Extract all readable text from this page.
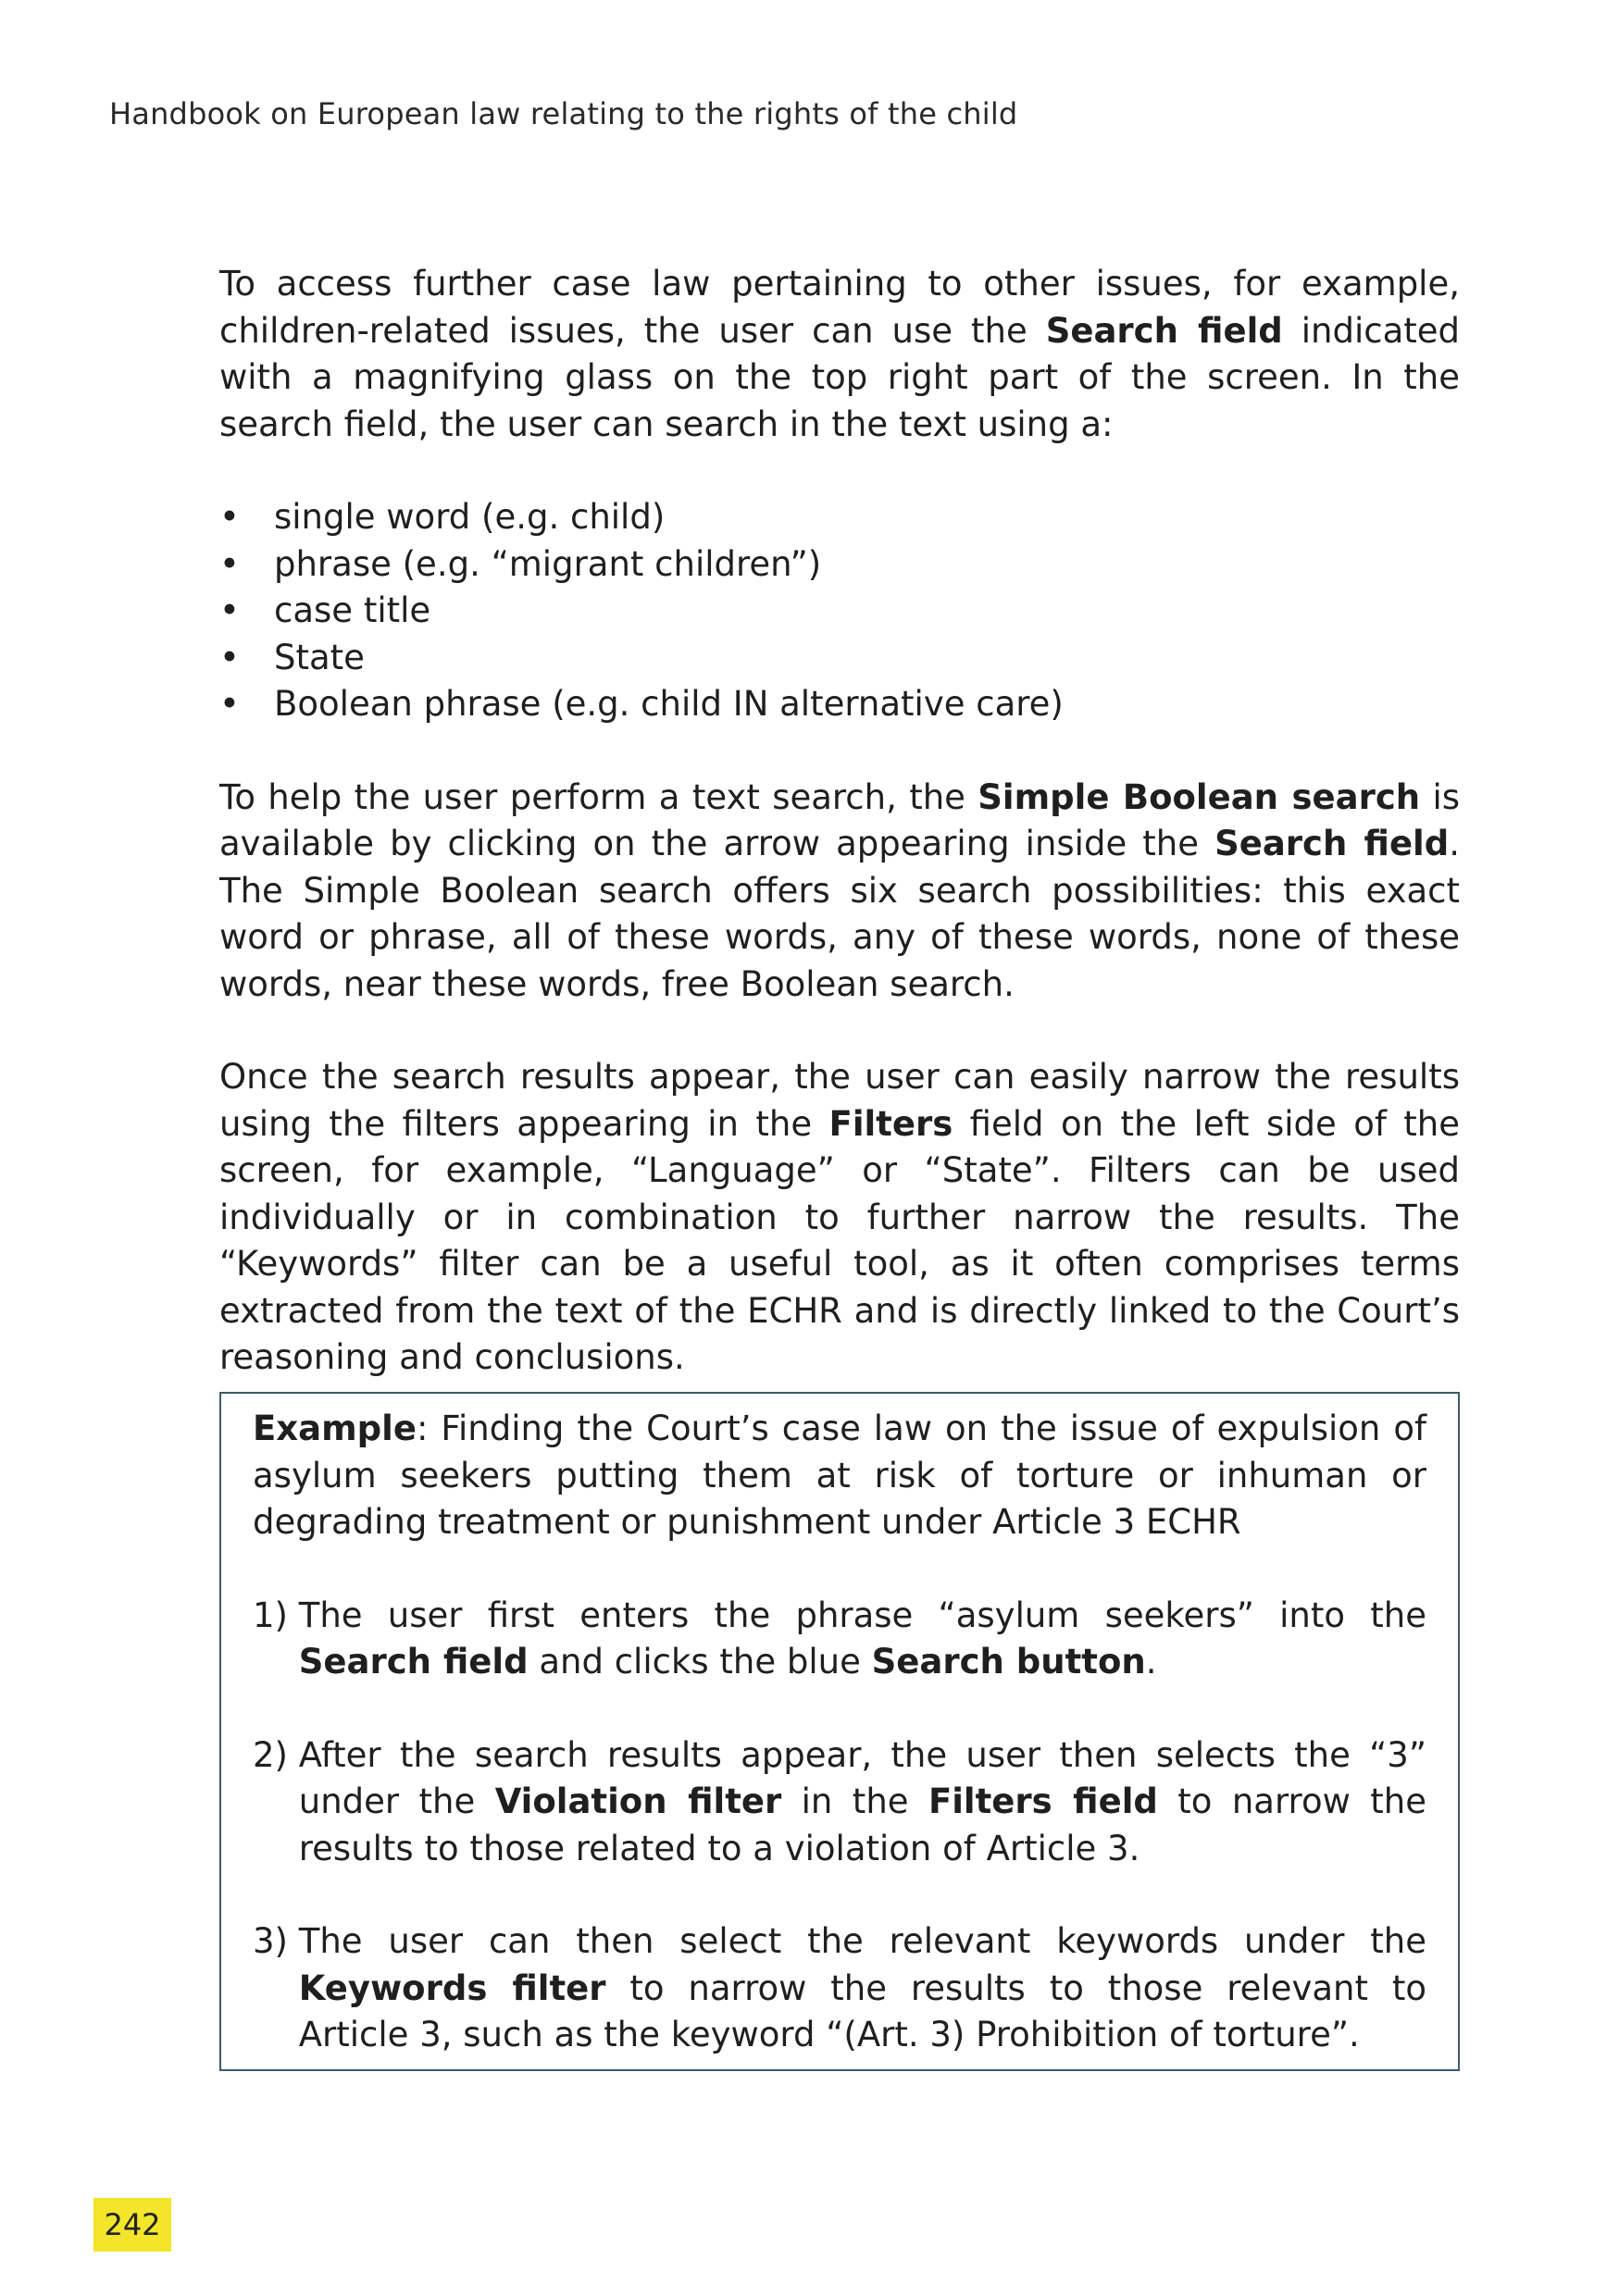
Handbook on European law relating to the rights of the child

To access further case law pertaining to other issues, for example, children-related issues, the user can use the Search field indicated with a magnifying glass on the top right part of the screen. In the search field, the user can search in the text using a:

• single word (e.g. child)
• phrase (e.g. “migrant children”)
• case title
• State
• Boolean phrase (e.g. child IN alternative care)

To help the user perform a text search, the Simple Boolean search is available by clicking on the arrow appearing inside the Search field. The Simple Boolean search offers six search possibilities: this exact word or phrase, all of these words, any of these words, none of these words, near these words, free Boolean search.

Once the search results appear, the user can easily narrow the results using the filters appearing in the Filters field on the left side of the screen, for example, “Language” or “State”. Filters can be used individually or in combination to further narrow the results. The “Keywords” filter can be a useful tool, as it often comprises terms extracted from the text of the ECHR and is directly linked to the Court’s reasoning and conclusions.

Example: Finding the Court’s case law on the issue of expulsion of asylum seekers putting them at risk of torture or inhuman or degrading treatment or punishment under Article 3 ECHR

1) The user first enters the phrase “asylum seekers” into the Search field and clicks the blue Search button.
2) After the search results appear, the user then selects the “3” under the Violation filter in the Filters field to narrow the results to those related to a violation of Article 3.
3) The user can then select the relevant keywords under the Keywords filter to narrow the results to those relevant to Article 3, such as the keyword “(Art. 3) Prohibition of torture”.
242
